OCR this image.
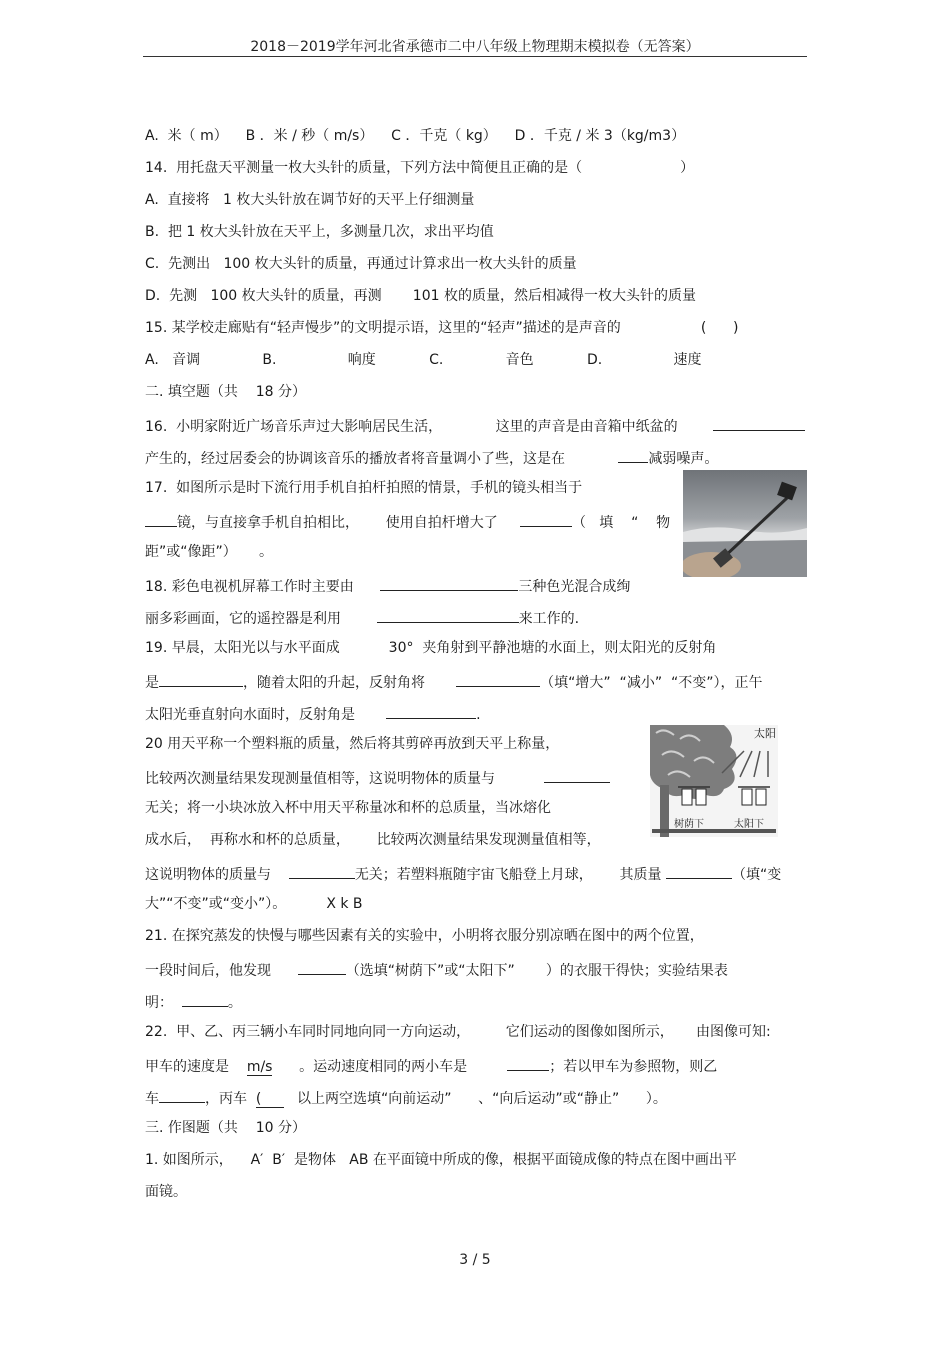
2018－2019学年河北省承德市二中八年级上物理期末模拟卷（无答案）
A.  米（ m）    B ．米 / 秒（ m/s）    C ．千克（ kg）    D ．千克 / 米 3（kg/m3）
14.  用托盘天平测量一枚大头针的质量，下列方法中简便且正确的是（                      ）
A.  直接将   1 枚大头针放在调节好的天平上仔细测量
B.  把 1 枚大头针放在天平上，多测量几次，求出平均值
C.  先测出   100 枚大头针的质量，再通过计算求出一枚大头针的质量
D.  先测   100 枚大头针的质量，再测       101 枚的质量，然后相减得一枚大头针的质量
15. 某学校走廊贴有“轻声慢步”的文明提示语，这里的“轻声”描述的是声音的                  (      )
A.   音调              B.                响度            C.              音色            D.                速度
二. 填空题（共    18 分）
16.  小明家附近广场音乐声过大影响居民生活，            这里的声音是由音箱中纸盆的
产生的，经过居委会的协调该音乐的播放者将音量调小了些，这是在            减弱噪声。
17.  如图所示是时下流行用手机自拍杆拍照的情景，手机的镜头相当于
镜，与直接拿手机自拍相比，      使用自拍杆增大了	（   填    “    物
距”或“像距”）     。
18. 彩色电视机屏幕工作时主要由	三种色光混合成绚
丽多彩画面，它的遥控器是利用	来工作的.
19. 早晨，太阳光以与水平面成           30°  夹角射到平静池塘的水面上，则太阳光的反射角
是	，随着太阳的升起，反射角将	（填“增大”  “减小”  “不变”），正午
太阳光垂直射向水面时，反射角是	.
20 用天平称一个塑料瓶的质量，然后将其剪碎再放到天平上称量，
比较两次测量结果发现测量值相等，这说明物体的质量与
无关；将一小块冰放入杯中用天平称量冰和杯的总质量，当冰熔化
成水后，  再称水和杯的总质量，      比较两次测量结果发现测量值相等，
这说明物体的质量与	无关；若塑料瓶随宇宙飞船登上月球，      其质量	（填“变
大”“不变”或“变小”）。         X k B
太阳
树荫下	太阳下
21. 在探究蒸发的快慢与哪些因素有关的实验中，小明将衣服分别凉晒在图中的两个位置，
一段时间后，他发现	（选填“树荫下”或“太阳下”       ）的衣服干得快；实验结果表
明：	。
22.  甲、乙、丙三辆小车同时同地向同一方向运动，        它们运动的图像如图所示，     由图像可知:
甲车的速度是    m/s      。运动速度相同的两小车是	；若以甲车为参照物，则乙
车	，丙车  (        以上两空选填“向前运动”      、“向后运动”或“静止”      ）。
三. 作图题（共    10 分）
1. 如图所示，    A′  B′  是物体   AB 在平面镜中所成的像，根据平面镜成像的特点在图中画出平
面镜。
3 / 5
